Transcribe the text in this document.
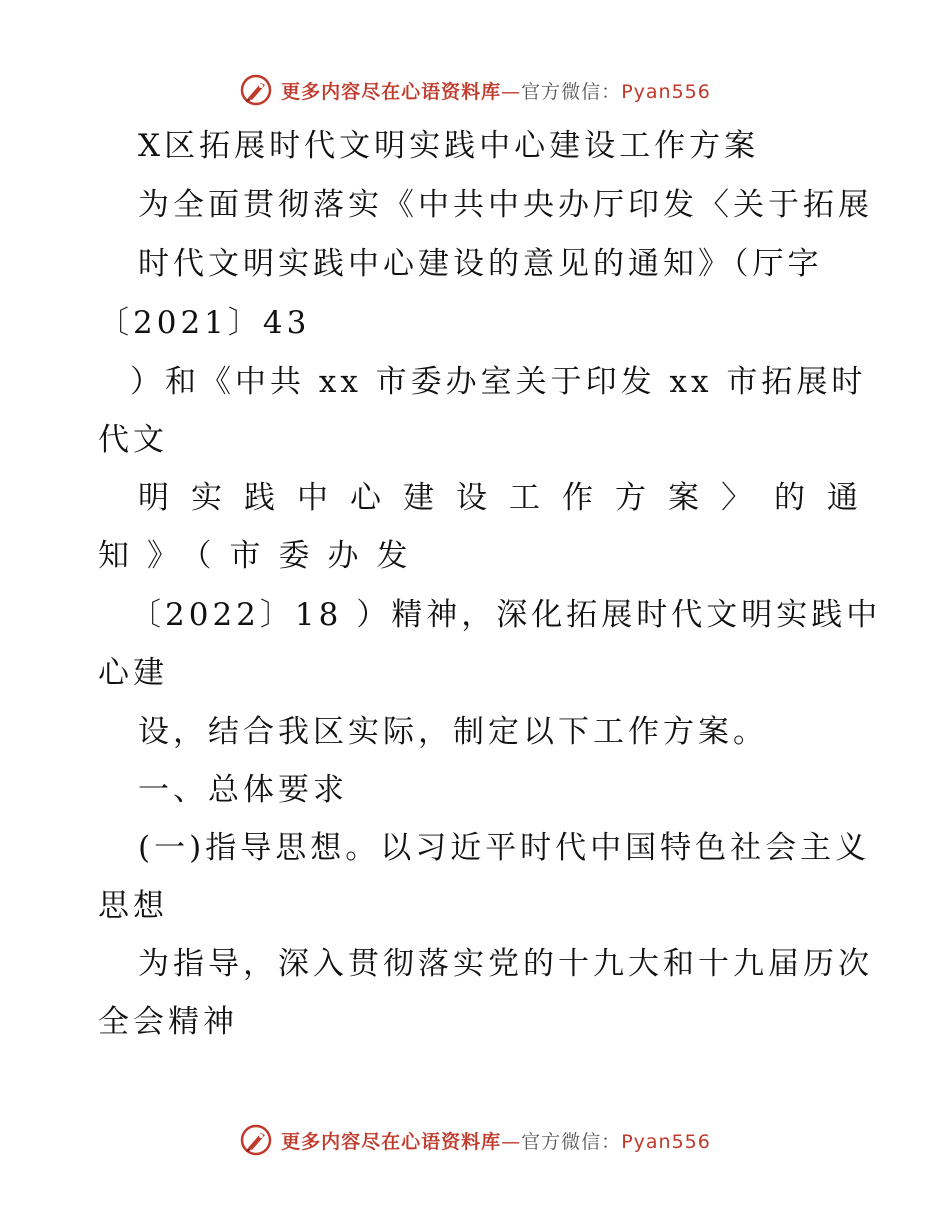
更多内容尽在心语资料库—官方微信：Pyan556
X区拓展时代文明实践中心建设工作方案
为全面贯彻落实《中共中央办厅印发〈关于拓展
时代文明实践中心建设的意见的通知》（厅字
〔2021〕43
）和《中共 xx 市委办室关于印发 xx 市拓展时
代文
明实践中心建设工作方案〉的通
知》（市委办发
〔2022〕18 ）精神，深化拓展时代文明实践中
心建
设，结合我区实际，制定以下工作方案。
一、总体要求
(一)指导思想。以习近平时代中国特色社会主义
思想
为指导，深入贯彻落实党的十九大和十九届历次
全会精神
更多内容尽在心语资料库—官方微信：Pyan556
